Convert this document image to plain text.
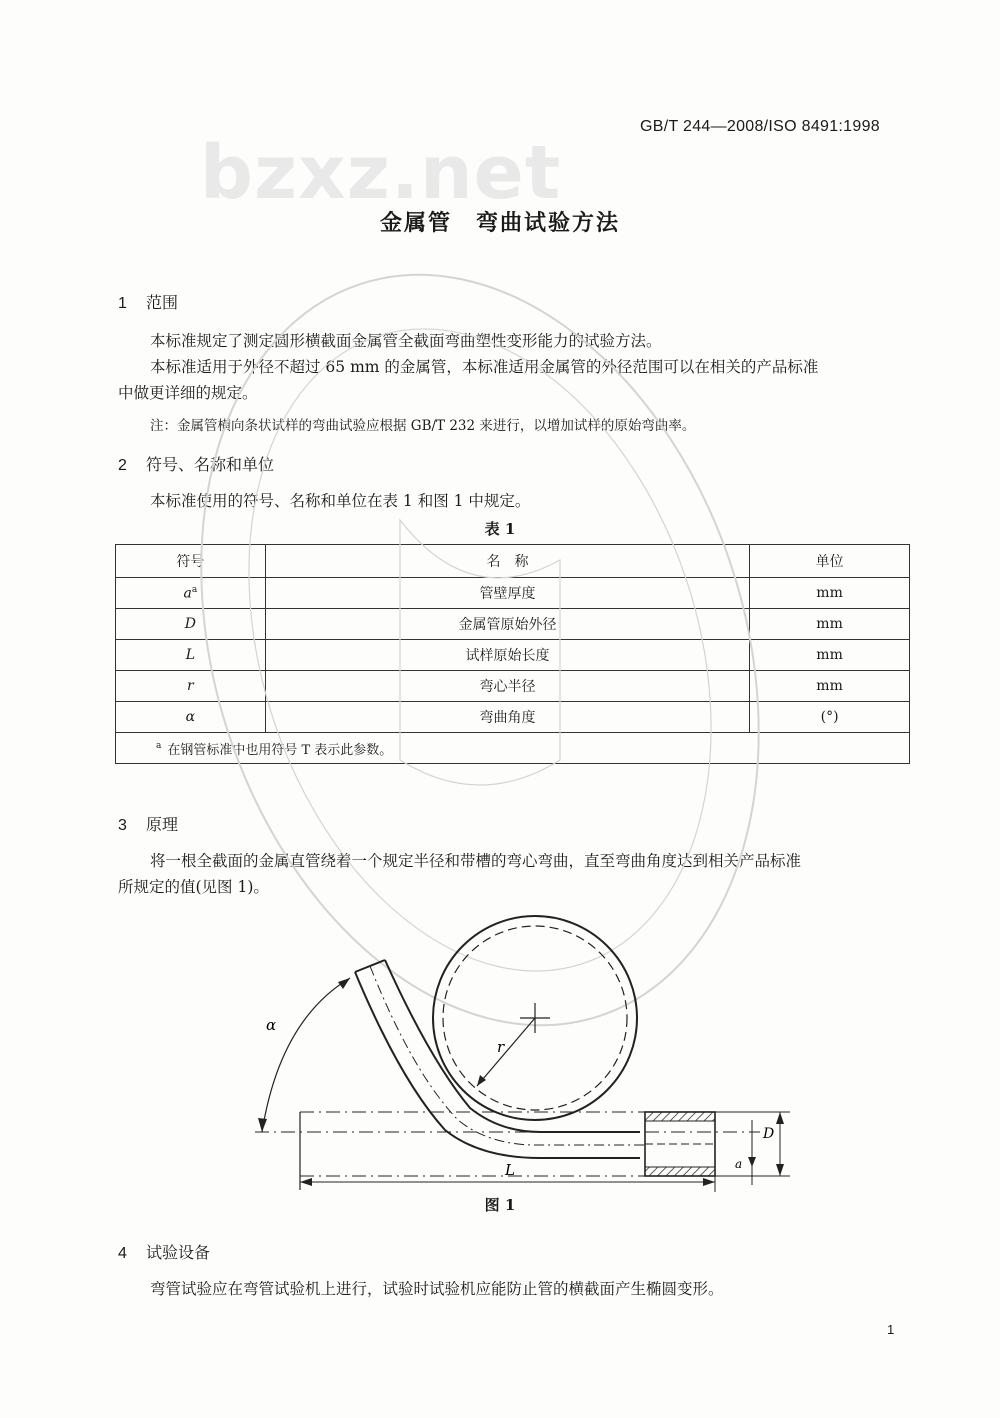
GB/T 244—2008/ISO 8491:1998
bzxz.net
金属管　弯曲试验方法
1 范围
本标准规定了测定圆形横截面金属管全截面弯曲塑性变形能力的试验方法。
本标准适用于外径不超过 65 mm 的金属管，本标准适用金属管的外径范围可以在相关的产品标准
中做更详细的规定。
注：金属管横向条状试样的弯曲试验应根据 GB/T 232 来进行，以增加试样的原始弯曲率。
2 符号、名称和单位
本标准使用的符号、名称和单位在表 1 和图 1 中规定。
表 1
符号	名　称	单位
$a^a$	管壁厚度	mm
D	金属管原始外径	mm
L	试样原始长度	mm
r	弯心半径	mm
α	弯曲角度	(°)
$^a$ 在钢管标准中也用符号 T 表示此参数。		
3 原理
将一根全截面的金属直管绕着一个规定半径和带槽的弯心弯曲，直至弯曲角度达到相关产品标准
所规定的值(见图 1)。
r
L
D
a
α
图 1
4 试验设备
弯管试验应在弯管试验机上进行，试验时试验机应能防止管的横截面产生椭圆变形。
1
